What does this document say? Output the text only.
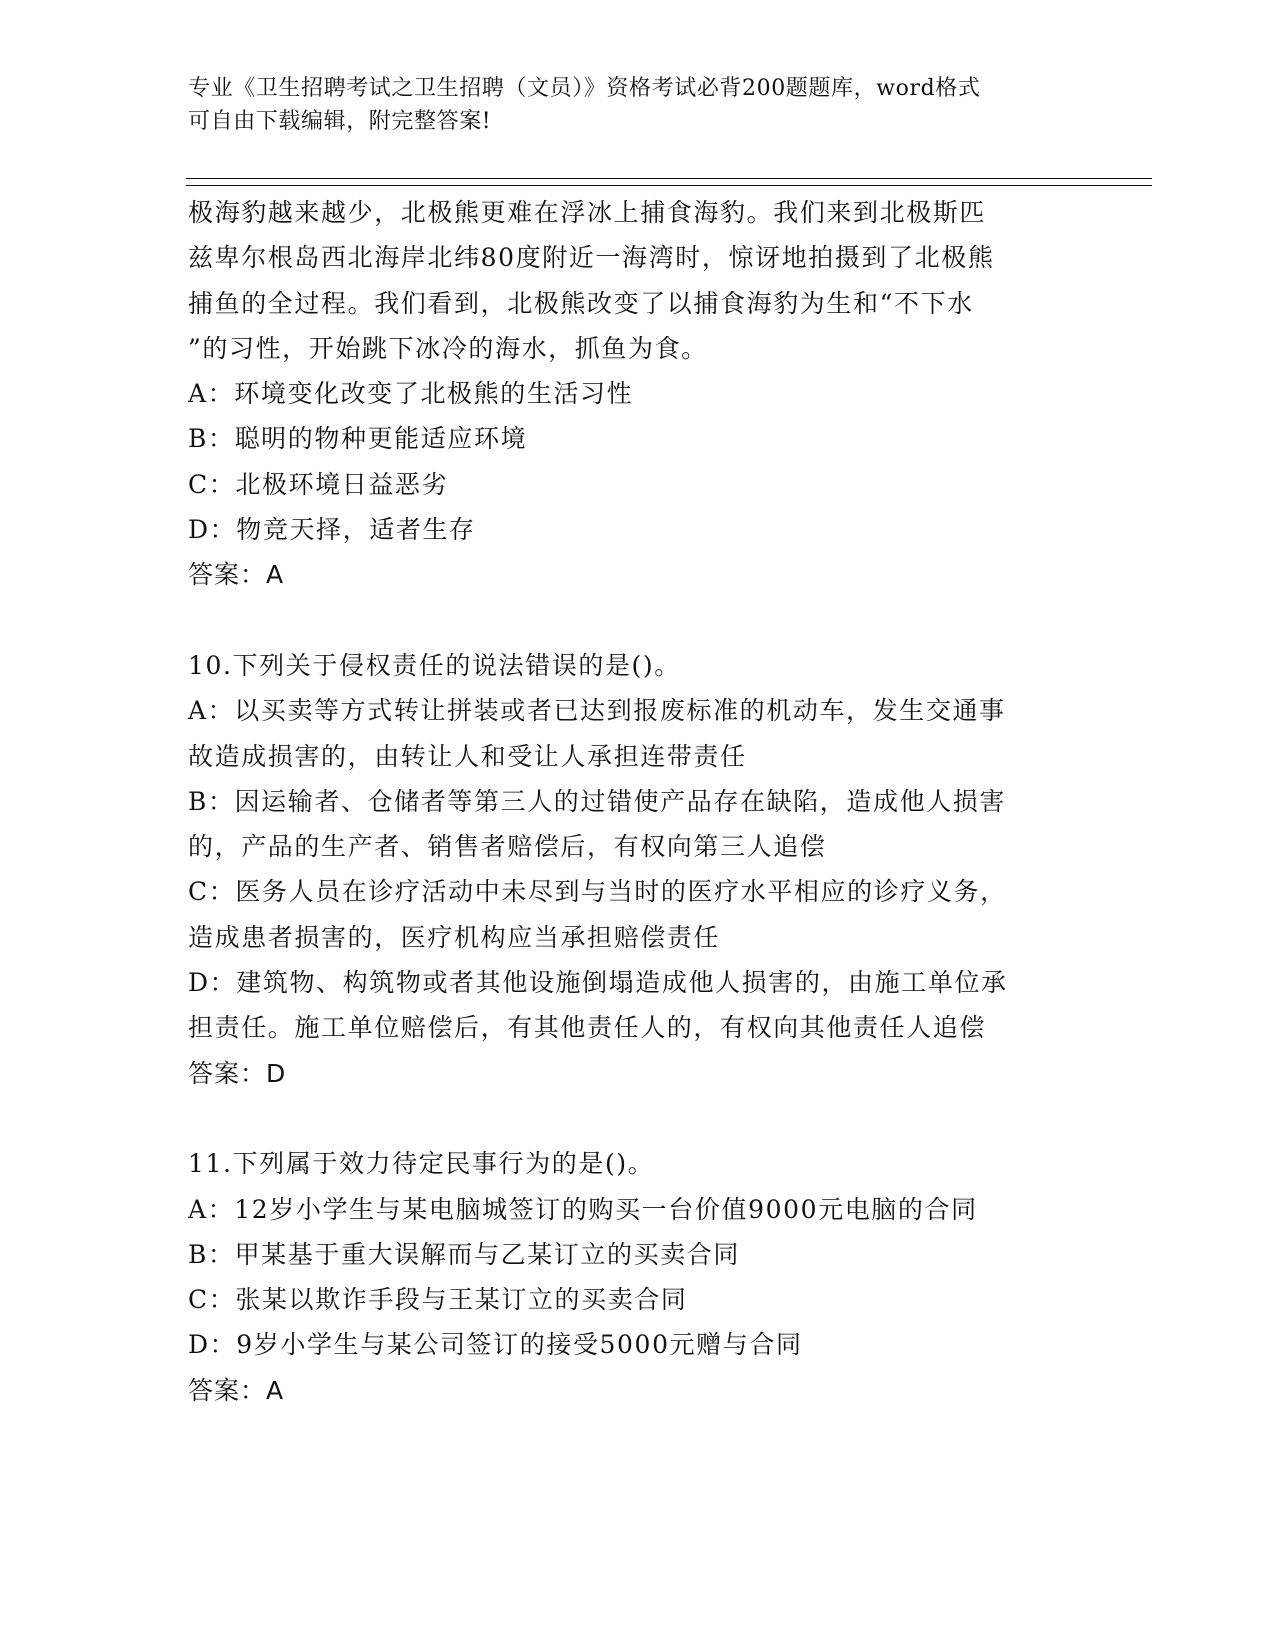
专业《卫生招聘考试之卫生招聘（文员）》资格考试必背200题题库，word格式
可自由下载编辑，附完整答案!
极海豹越来越少，北极熊更难在浮冰上捕食海豹。我们来到北极斯匹
兹卑尔根岛西北海岸北纬80度附近一海湾时，惊讶地拍摄到了北极熊
捕鱼的全过程。我们看到，北极熊改变了以捕食海豹为生和“不下水
”的习性，开始跳下冰冷的海水，抓鱼为食。
A：环境变化改变了北极熊的生活习性
B：聪明的物种更能适应环境
C：北极环境日益恶劣
D：物竞天择，适者生存
答案：A
10.下列关于侵权责任的说法错误的是()。
A：以买卖等方式转让拼装或者已达到报废标准的机动车，发生交通事
故造成损害的，由转让人和受让人承担连带责任
B：因运输者、仓储者等第三人的过错使产品存在缺陷，造成他人损害
的，产品的生产者、销售者赔偿后，有权向第三人追偿
C：医务人员在诊疗活动中未尽到与当时的医疗水平相应的诊疗义务，
造成患者损害的，医疗机构应当承担赔偿责任
D：建筑物、构筑物或者其他设施倒塌造成他人损害的，由施工单位承
担责任。施工单位赔偿后，有其他责任人的，有权向其他责任人追偿
答案：D
11.下列属于效力待定民事行为的是()。
A：12岁小学生与某电脑城签订的购买一台价值9000元电脑的合同
B：甲某基于重大误解而与乙某订立的买卖合同
C：张某以欺诈手段与王某订立的买卖合同
D：9岁小学生与某公司签订的接受5000元赠与合同
答案：A
